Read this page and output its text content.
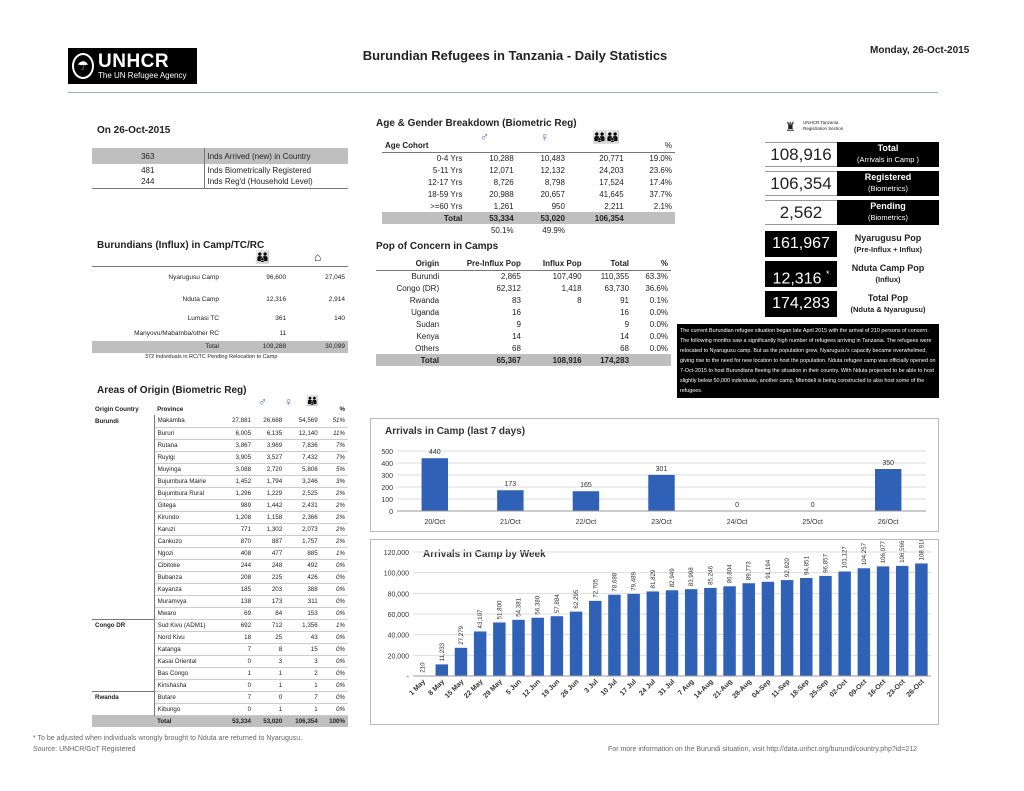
☂ UNHCR
The UN Refugee Agency
Burundian Refugees in Tanzania - Daily Statistics	Monday, 26-Oct-2015
On 26-Oct-2015
363	Inds Arrived (new) in Country
481	Inds Biometrically Registered
244	Inds Reg'd (Household Level)
Burundians (Influx) in Camp/TC/RC
👪	⌂
Nyarugusu Camp	96,600	27,045
Nduta Camp	12,316	2,914
Lumasi TC	361	140
Manyovu/Mabamba/other RC	11	
Total	109,288	30,099
372 Individuals in RC/TC Pending Relocation to Camp
Age & Gender Breakdown (Biometric Reg)
♂	♀	👪👪
Age Cohort				%
0-4 Yrs	10,288	10,483	20,771	19.0%
5-11 Yrs	12,071	12,132	24,203	23.6%
12-17 Yrs	8,726	8,798	17,524	17.4%
18-59 Yrs	20,988	20,657	41,645	37.7%
>=60 Yrs	1,261	950	2,211	2.1%
Total	53,334	53,020	106,354	
	50.1%	49.9%		
Pop of Concern in Camps
Origin	Pre-Influx Pop	Influx Pop	Total	%
Burundi	2,865	107,490	110,355	63.3%
Congo (DR)	62,312	1,418	63,730	36.6%
Rwanda	83	8	91	0.1%
Uganda	16		16	0.0%
Sudan	9		9	0.0%
Kenya	14		14	0.0%
Others	68		68	0.0%
Total	65,367	108,916	174,283	
♜ UNHCR Tanzania Registration Section
108,916	Total
(Arrivals in Camp )
106,354	Registered
(Biometrics)
2,562	Pending
(Biometrics)
161,967	Nyarugusu Pop
(Pre-Influx + Influx)
12,316 *
Nduta Camp Pop
(Influx)
174,283	Total Pop
(Nduta & Nyarugusu)
The current Burundian refugee situation began late April 2015 with the arrival of 210 persons of concern. The following months saw a significantly high number of refugees arriving in Tanzania. The refugees were relocated to Nyarugusu camp. But as the population grew, Nyarugusu's capacity became overwhelmed, giving rise to the need for new location to host the population. Nduta refugee camp was officially opened on 7-Oct-2015 to host Burundians fleeing the situation in their country. With Nduta projected to be able to host slightly below 50,000 individuals, another camp, Mtendeli is being constructed to also host some of the refugees.
Areas of Origin (Biometric Reg)
♂ ♀ 👪
Origin Country	Province				%
Burundi	Makamba	27,881	26,688	54,569	51%
	Bururi	6,005	6,135	12,140	11%
	Rutana	3,867	3,969	7,836	7%
	Ruyigi	3,905	3,527	7,432	7%
	Muyinga	3,088	2,720	5,808	5%
	Bujumbura Mairie	1,452	1,794	3,246	3%
	Bujumbura Rural	1,296	1,229	2,525	2%
	Gitega	989	1,442	2,431	2%
	Kirundo	1,208	1,158	2,366	2%
	Karuzi	771	1,302	2,073	2%
	Cankuzo	870	887	1,757	2%
	Ngozi	408	477	885	1%
	Cibitoke	244	248	492	0%
	Bubanza	208	225	426	0%
	Kayanza	185	203	388	0%
	Muramvya	138	173	311	0%
	Mwaro	69	84	153	0%
Congo DR	Sud Kivu (ADM1)	692	712	1,356	1%
	Nord Kivu	18	25	43	0%
	Katanga	7	8	15	0%
	Kasai Oriental	0	3	3	0%
	Bas Congo	1	1	2	0%
	Kinshasha	0	1	1	0%
Rwanda	Butare	7	0	7	0%
	Kibungo	0	1	1	0%
	Total	53,334	53,020	106,354	100%
Arrivals in Camp (last 7 days)
0
100
200
300
400
500	440
20/Oct
173
21/Oct
165
22/Oct
301
23/Oct
0
24/Oct
0
25/Oct
350
26/Oct
Arrivals in Camp by Week
-
20,000
40,000
60,000
80,000
100,000
120,000
210
1 May
11,233
8 May
27,279
15 May
43,107
22 May
51,800
29 May
54,381
5 Jun
56,380
12 Jun
57,884
19 Jun
62,295
26 Jun
72,705
3 Jul
78,688
10 Jul
79,489
17 Jul
81,829
24 Jul
82,949
31 Jul
83,998
7 Aug
85,246
14-Aug
86,804
21-Aug
89,773
28-Aug
91,194
04-Sep
92,820
11-Sep
94,851
18-Sep
96,857
25-Sep
101,127
02-Oct
104,257
09-Oct
106,077
16-Oct
106,566
23-Oct
108,916
26-Oct
* To be adjusted when individuals wrongly brought to Nduta are returned to Nyarugusu.
Source: UNHCR/GoT Registered	For more information on the Burundi situation, visit http://data.unhcr.org/burundi/country.php?id=212
